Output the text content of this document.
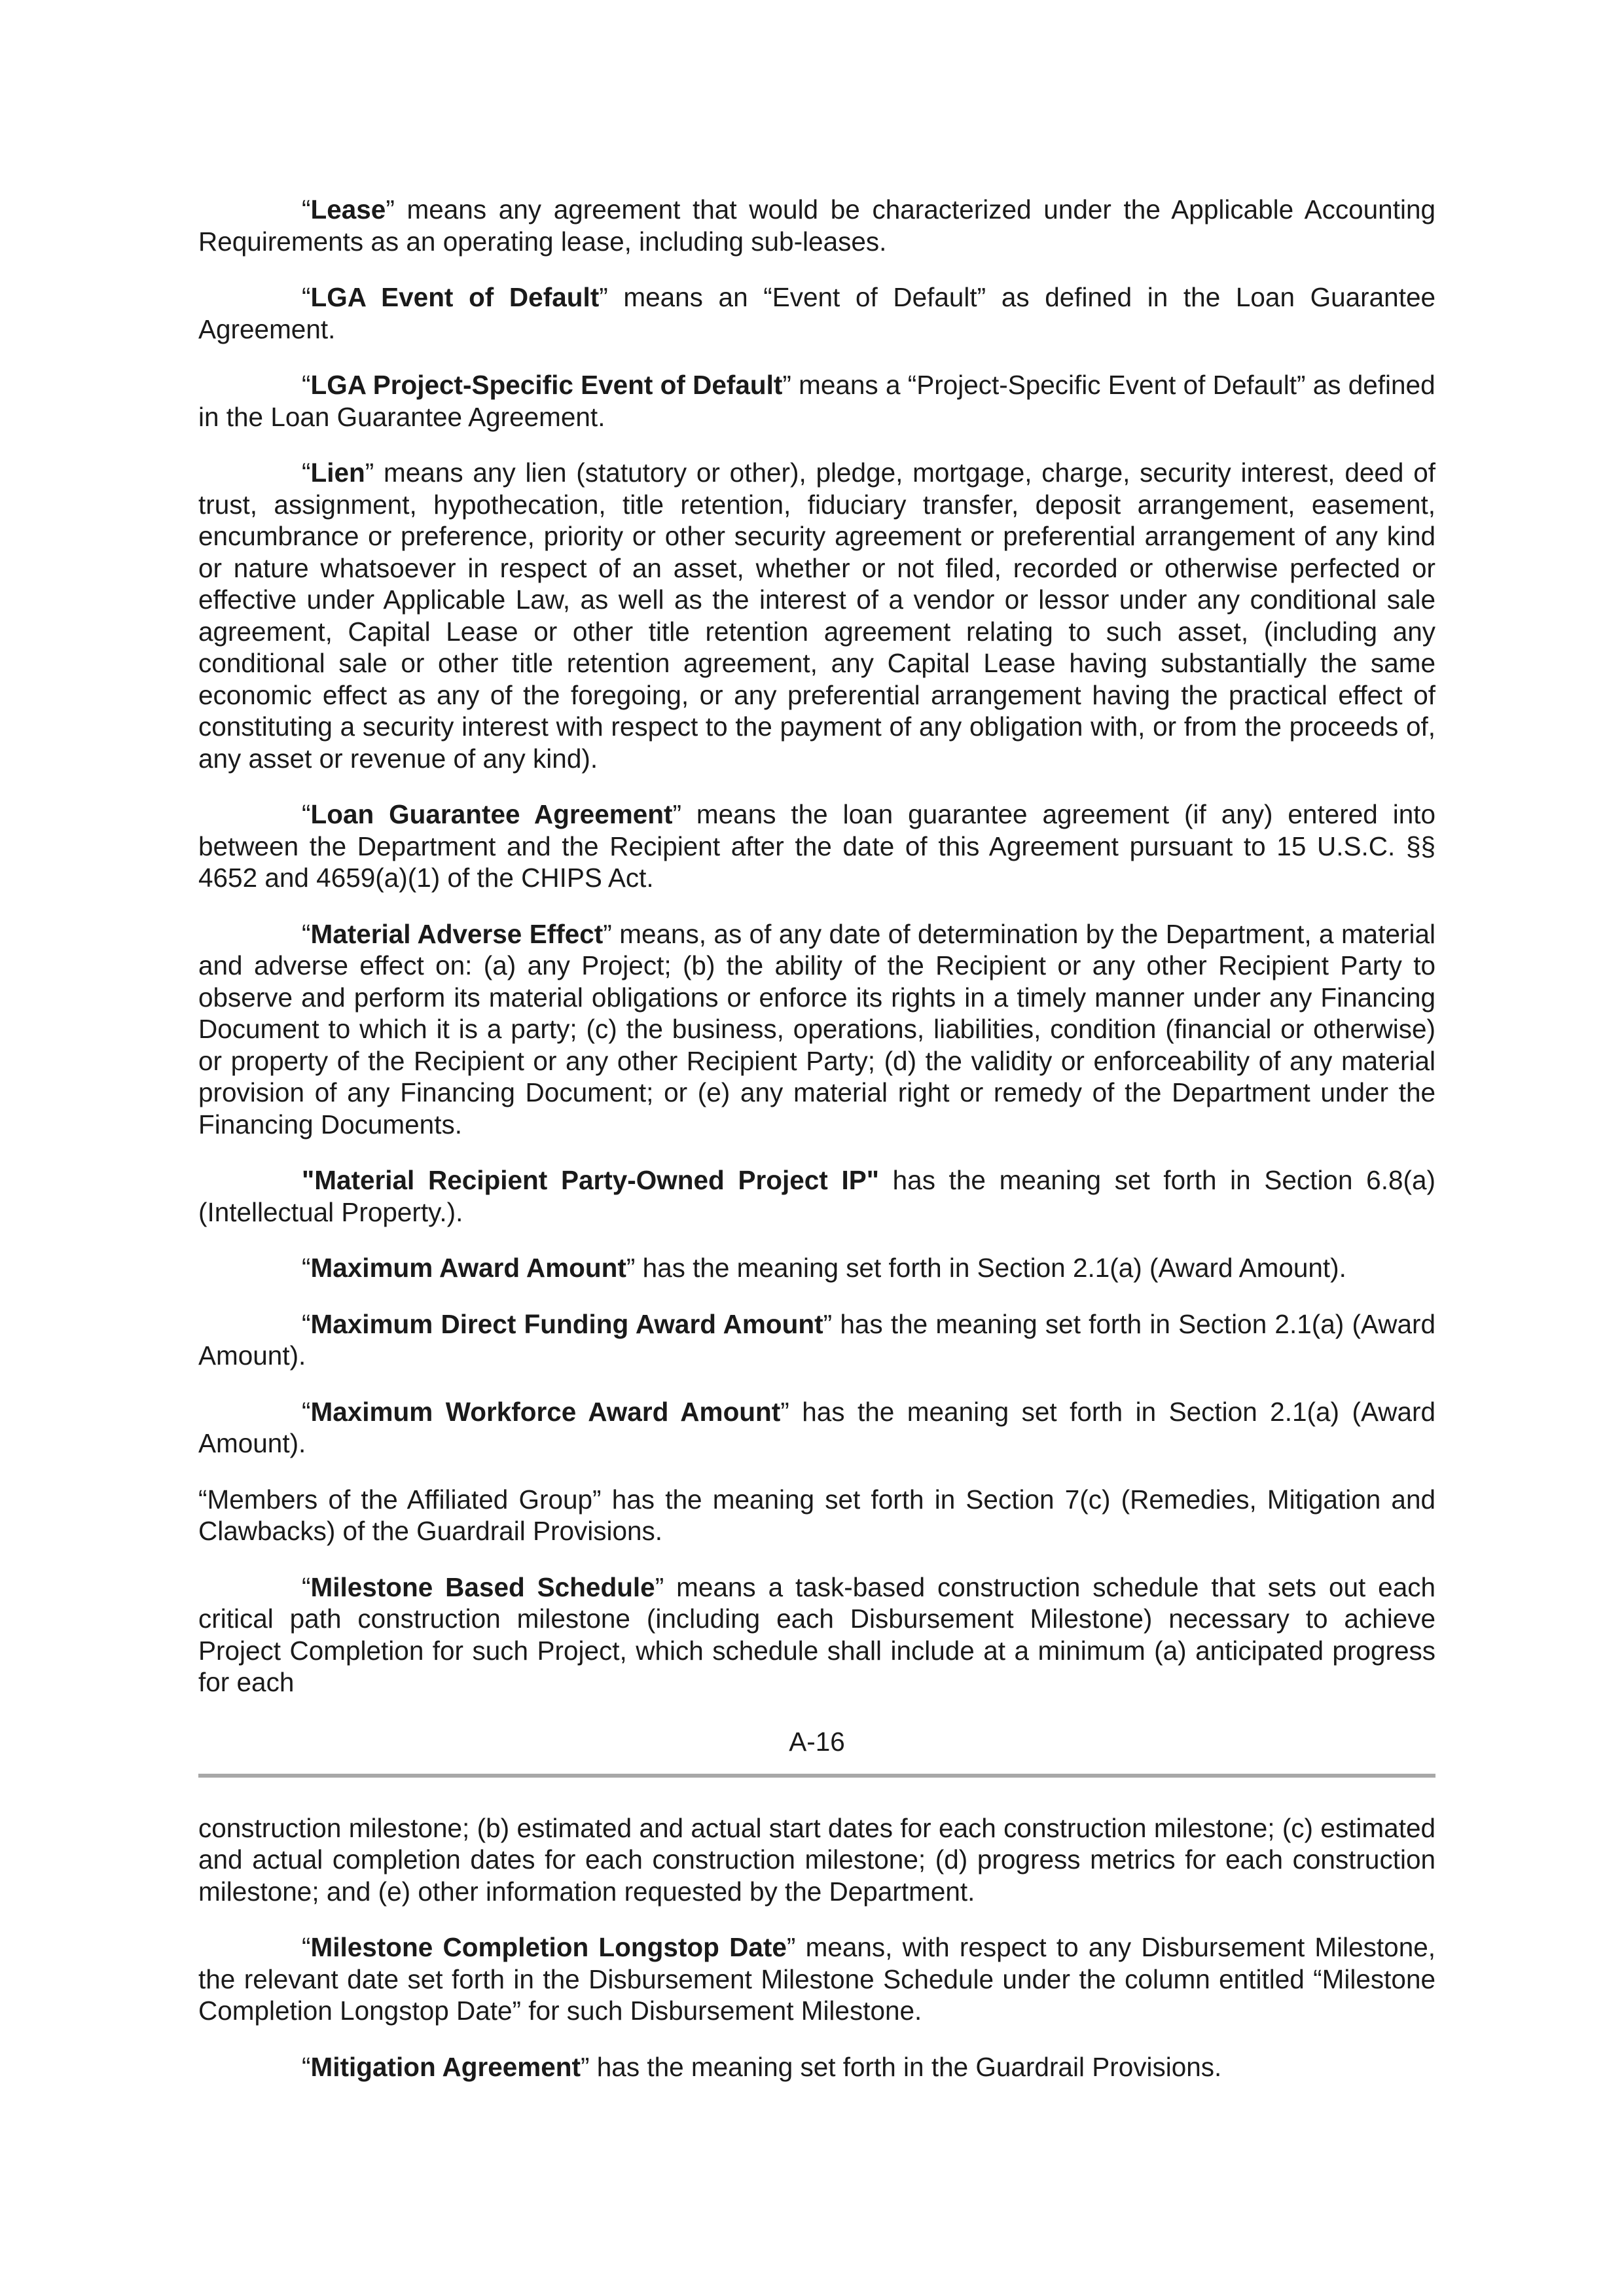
“Lease” means any agreement that would be characterized under the Applicable Accounting Requirements as an operating lease, including sub-leases.

“LGA Event of Default” means an “Event of Default” as defined in the Loan Guarantee Agreement.

“LGA Project-Specific Event of Default” means a “Project-Specific Event of Default” as defined in the Loan Guarantee Agreement.

“Lien” means any lien (statutory or other), pledge, mortgage, charge, security interest, deed of trust, assignment, hypothecation, title retention, fiduciary transfer, deposit arrangement, easement, encumbrance or preference, priority or other security agreement or preferential arrangement of any kind or nature whatsoever in respect of an asset, whether or not filed, recorded or otherwise perfected or effective under Applicable Law, as well as the interest of a vendor or lessor under any conditional sale agreement, Capital Lease or other title retention agreement relating to such asset, (including any conditional sale or other title retention agreement, any Capital Lease having substantially the same economic effect as any of the foregoing, or any preferential arrangement having the practical effect of constituting a security interest with respect to the payment of any obligation with, or from the proceeds of, any asset or revenue of any kind).

“Loan Guarantee Agreement” means the loan guarantee agreement (if any) entered into between the Department and the Recipient after the date of this Agreement pursuant to 15 U.S.C. §§ 4652 and 4659(a)(1) of the CHIPS Act.

“Material Adverse Effect” means, as of any date of determination by the Department, a material and adverse effect on: (a) any Project; (b) the ability of the Recipient or any other Recipient Party to observe and perform its material obligations or enforce its rights in a timely manner under any Financing Document to which it is a party; (c) the business, operations, liabilities, condition (financial or otherwise) or property of the Recipient or any other Recipient Party; (d) the validity or enforceability of any material provision of any Financing Document; or (e) any material right or remedy of the Department under the Financing Documents.

"Material Recipient Party-Owned Project IP" has the meaning set forth in Section 6.8(a) (Intellectual Property.).

“Maximum Award Amount” has the meaning set forth in Section 2.1(a) (Award Amount).

“Maximum Direct Funding Award Amount” has the meaning set forth in Section 2.1(a) (Award Amount).

“Maximum Workforce Award Amount” has the meaning set forth in Section 2.1(a) (Award Amount).

“Members of the Affiliated Group” has the meaning set forth in Section 7(c) (Remedies, Mitigation and Clawbacks) of the Guardrail Provisions.

“Milestone Based Schedule” means a task-based construction schedule that sets out each critical path construction milestone (including each Disbursement Milestone) necessary to achieve Project Completion for such Project, which schedule shall include at a minimum (a) anticipated progress for each

A-16

construction milestone; (b) estimated and actual start dates for each construction milestone; (c) estimated and actual completion dates for each construction milestone; (d) progress metrics for each construction milestone; and (e) other information requested by the Department.

“Milestone Completion Longstop Date” means, with respect to any Disbursement Milestone, the relevant date set forth in the Disbursement Milestone Schedule under the column entitled “Milestone Completion Longstop Date” for such Disbursement Milestone.

“Mitigation Agreement” has the meaning set forth in the Guardrail Provisions.
